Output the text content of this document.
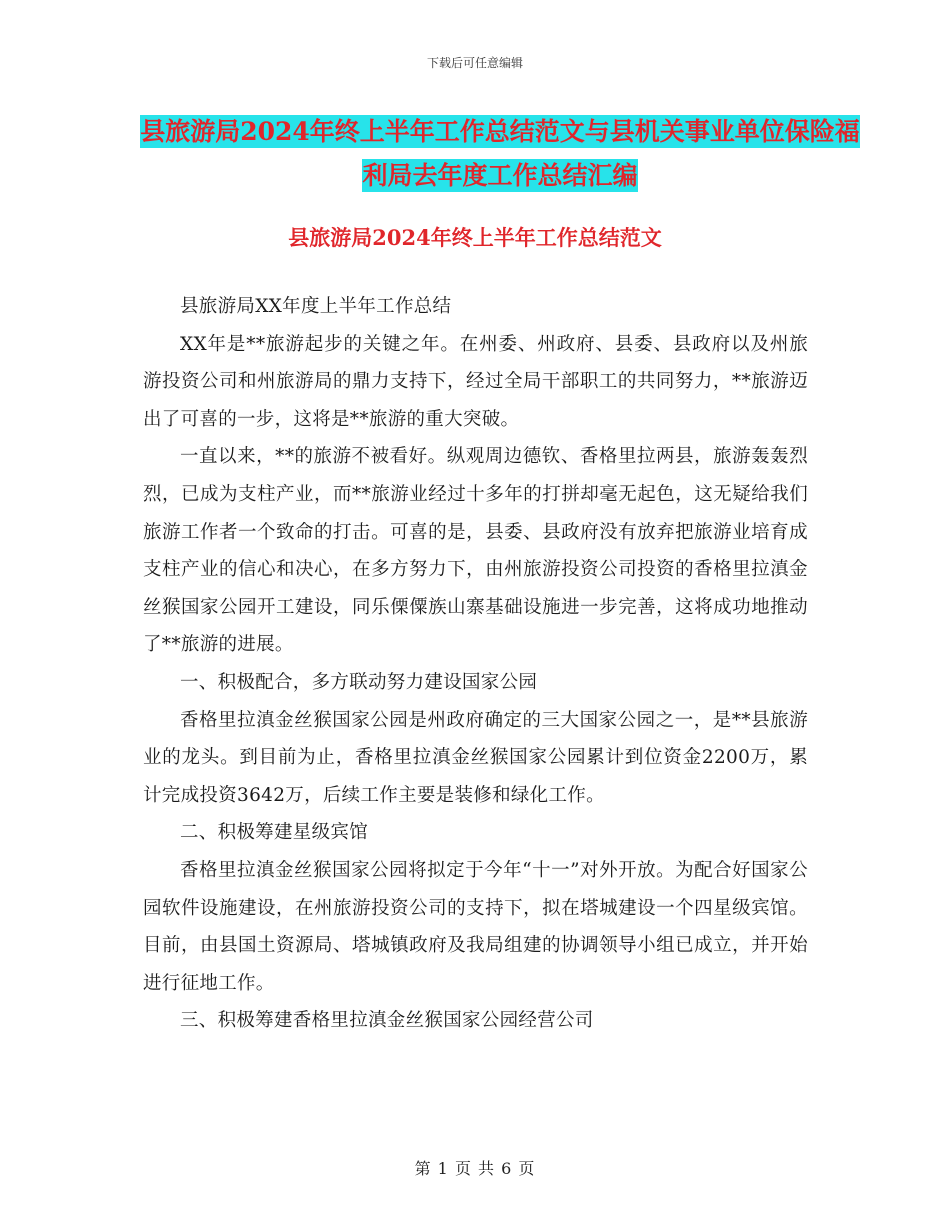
下载后可任意编辑
县旅游局2024年终上半年工作总结范文与县机关事业单位保险福利局去年度工作总结汇编
县旅游局2024年终上半年工作总结范文

县旅游局XX年度上半年工作总结

XX年是**旅游起步的关键之年。在州委、州政府、县委、县政府以及州旅游投资公司和州旅游局的鼎力支持下，经过全局干部职工的共同努力，**旅游迈出了可喜的一步，这将是**旅游的重大突破。

一直以来，**的旅游不被看好。纵观周边德钦、香格里拉两县，旅游轰轰烈烈，已成为支柱产业，而**旅游业经过十多年的打拼却毫无起色，这无疑给我们旅游工作者一个致命的打击。可喜的是，县委、县政府没有放弃把旅游业培育成支柱产业的信心和决心，在多方努力下，由州旅游投资公司投资的香格里拉滇金丝猴国家公园开工建设，同乐傈僳族山寨基础设施进一步完善，这将成功地推动了**旅游的进展。

一、积极配合，多方联动努力建设国家公园

香格里拉滇金丝猴国家公园是州政府确定的三大国家公园之一，是**县旅游业的龙头。到目前为止，香格里拉滇金丝猴国家公园累计到位资金2200万，累计完成投资3642万，后续工作主要是装修和绿化工作。

二、积极筹建星级宾馆

香格里拉滇金丝猴国家公园将拟定于今年“十一”对外开放。为配合好国家公园软件设施建设，在州旅游投资公司的支持下，拟在塔城建设一个四星级宾馆。目前，由县国土资源局、塔城镇政府及我局组建的协调领导小组已成立，并开始进行征地工作。

三、积极筹建香格里拉滇金丝猴国家公园经营公司

第 1 页 共 6 页
